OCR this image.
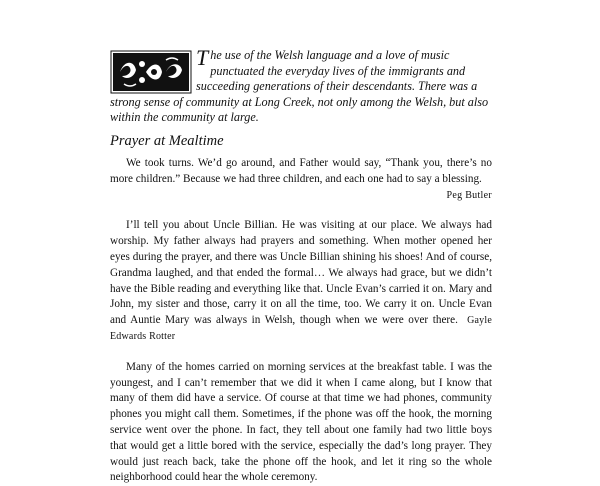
The use of the Welsh language and a love of music punctuated the everyday lives of the immigrants and succeeding generations of their descendants. There was a strong sense of community at Long Creek, not only among the Welsh, but also within the community at large.
Prayer at Mealtime

We took turns. We’d go around, and Father would say, “Thank you, there’s no more children.” Because we had three children, and each one had to say a blessing.

Peg Butler

I’ll tell you about Uncle Billian. He was visiting at our place. We always had worship. My father always had prayers and something. When mother opened her eyes during the prayer, and there was Uncle Billian shining his shoes! And of course, Grandma laughed, and that ended the formal… We always had grace, but we didn’t have the Bible reading and everything like that. Uncle Evan’s carried it on. Mary and John, my sister and those, carry it on all the time, too. We carry it on. Uncle Evan and Auntie Mary was always in Welsh, though when we were over there. Gayle Edwards Rotter

Many of the homes carried on morning services at the breakfast table. I was the youngest, and I can’t remember that we did it when I came along, but I know that many of them did have a service. Of course at that time we had phones, community phones you might call them. Sometimes, if the phone was off the hook, the morning service went over the phone. In fact, they tell about one family had two little boys that would get a little bored with the service, especially the dad’s long prayer. They would just reach back, take the phone off the hook, and let it ring so the whole neighborhood could hear the whole ceremony.
